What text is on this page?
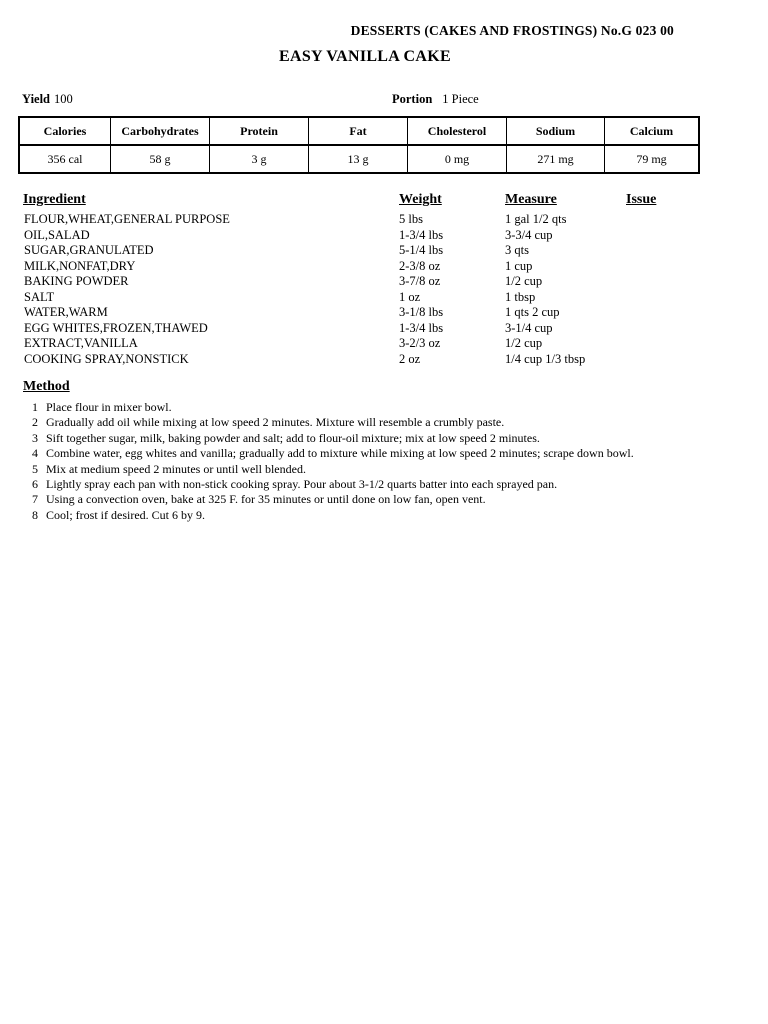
DESSERTS (CAKES AND FROSTINGS) No.G 023 00
EASY VANILLA CAKE
Yield 100	Portion 1 Piece
Calories	Carbohydrates	Protein	Fat	Cholesterol	Sodium	Calcium
356 cal	58 g	3 g	13 g	0 mg	271 mg	79 mg
Ingredient	Weight	Measure	Issue
FLOUR,WHEAT,GENERAL PURPOSE	5 lbs	1 gal 1/2 qts
OIL,SALAD	1-3/4 lbs	3-3/4 cup
SUGAR,GRANULATED	5-1/4 lbs	3 qts
MILK,NONFAT,DRY	2-3/8 oz	1 cup
BAKING POWDER	3-7/8 oz	1/2 cup
SALT	1 oz	1 tbsp
WATER,WARM	3-1/8 lbs	1 qts 2 cup
EGG WHITES,FROZEN,THAWED	1-3/4 lbs	3-1/4 cup
EXTRACT,VANILLA	3-2/3 oz	1/2 cup
COOKING SPRAY,NONSTICK	2 oz	1/4 cup 1/3 tbsp
Method
1 Place flour in mixer bowl.
2 Gradually add oil while mixing at low speed 2 minutes. Mixture will resemble a crumbly paste.
3 Sift together sugar, milk, baking powder and salt; add to flour-oil mixture; mix at low speed 2 minutes.
4 Combine water, egg whites and vanilla; gradually add to mixture while mixing at low speed 2 minutes; scrape down bowl.
5 Mix at medium speed 2 minutes or until well blended.
6 Lightly spray each pan with non-stick cooking spray. Pour about 3-1/2 quarts batter into each sprayed pan.
7 Using a convection oven, bake at 325 F. for 35 minutes or until done on low fan, open vent.
8 Cool; frost if desired. Cut 6 by 9.
